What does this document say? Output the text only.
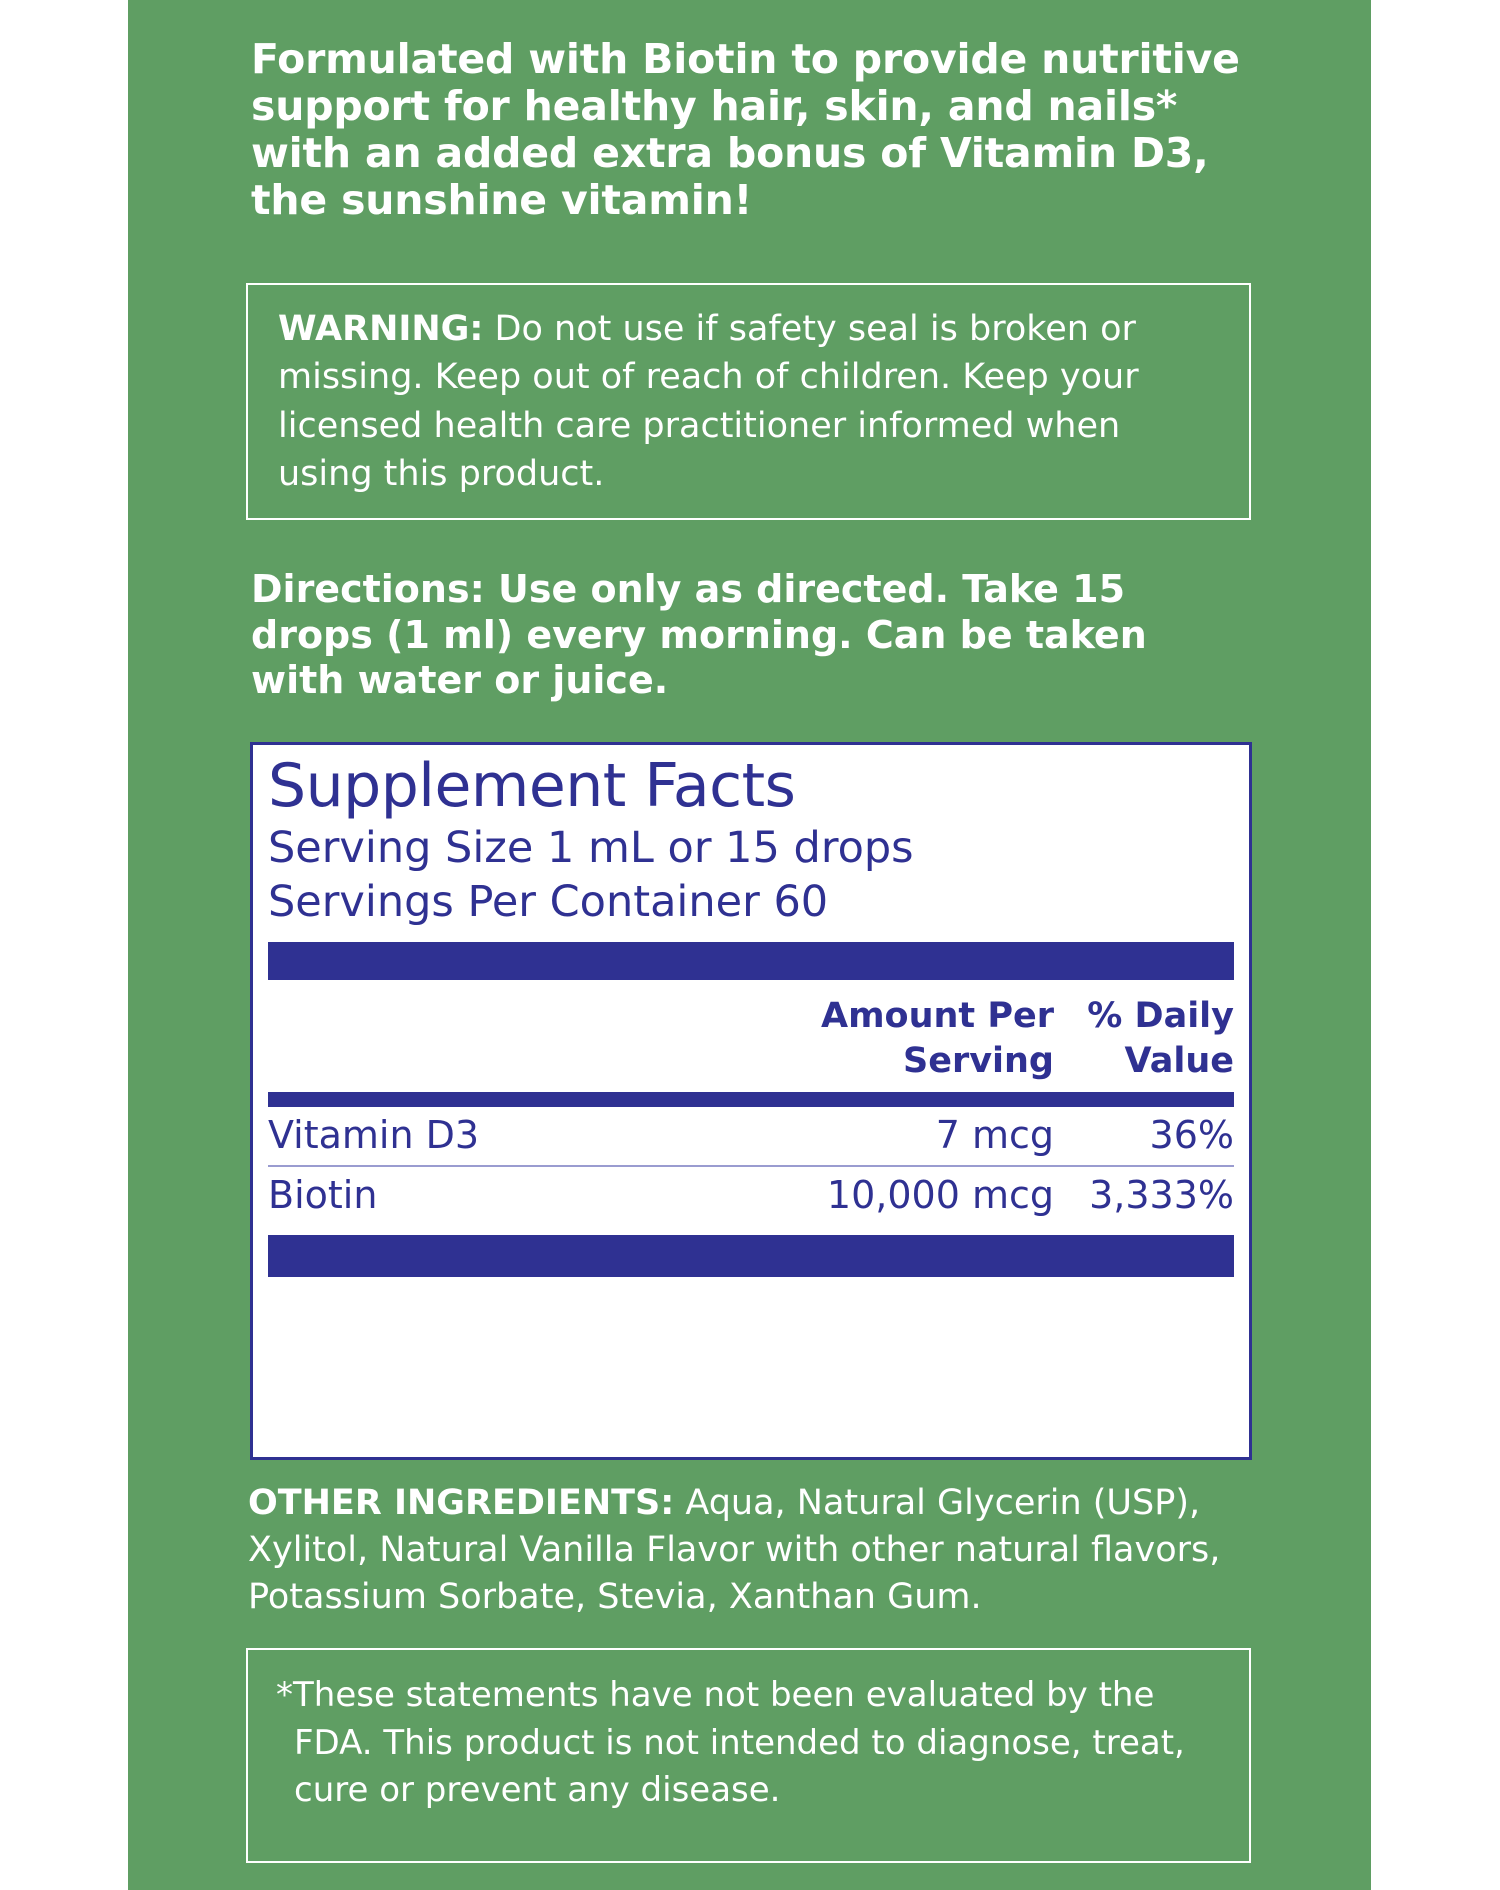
Formulated with Biotin to provide nutritive support for healthy hair, skin, and nails* with an added extra bonus of Vitamin D3, the sunshine vitamin!
WARNING: Do not use if safety seal is broken or missing. Keep out of reach of children. Keep your licensed health care practitioner informed when using this product.
Directions: Use only as directed. Take 15 drops (1 ml) every morning. Can be taken with water or juice.
Supplement Facts
Serving Size 1 mL or 15 drops
Servings Per Container 60
Amount Per
Serving
% Daily
Value
Vitamin D3	7 mcg	36%
Biotin	10,000 mcg 3,333%
OTHER INGREDIENTS: Aqua, Natural Glycerin (USP), Xylitol, Natural Vanilla Flavor with other natural flavors, Potassium Sorbate, Stevia, Xanthan Gum.
*These statements have not been evaluated by the
FDA. This product is not intended to diagnose, treat, cure or prevent any disease.
